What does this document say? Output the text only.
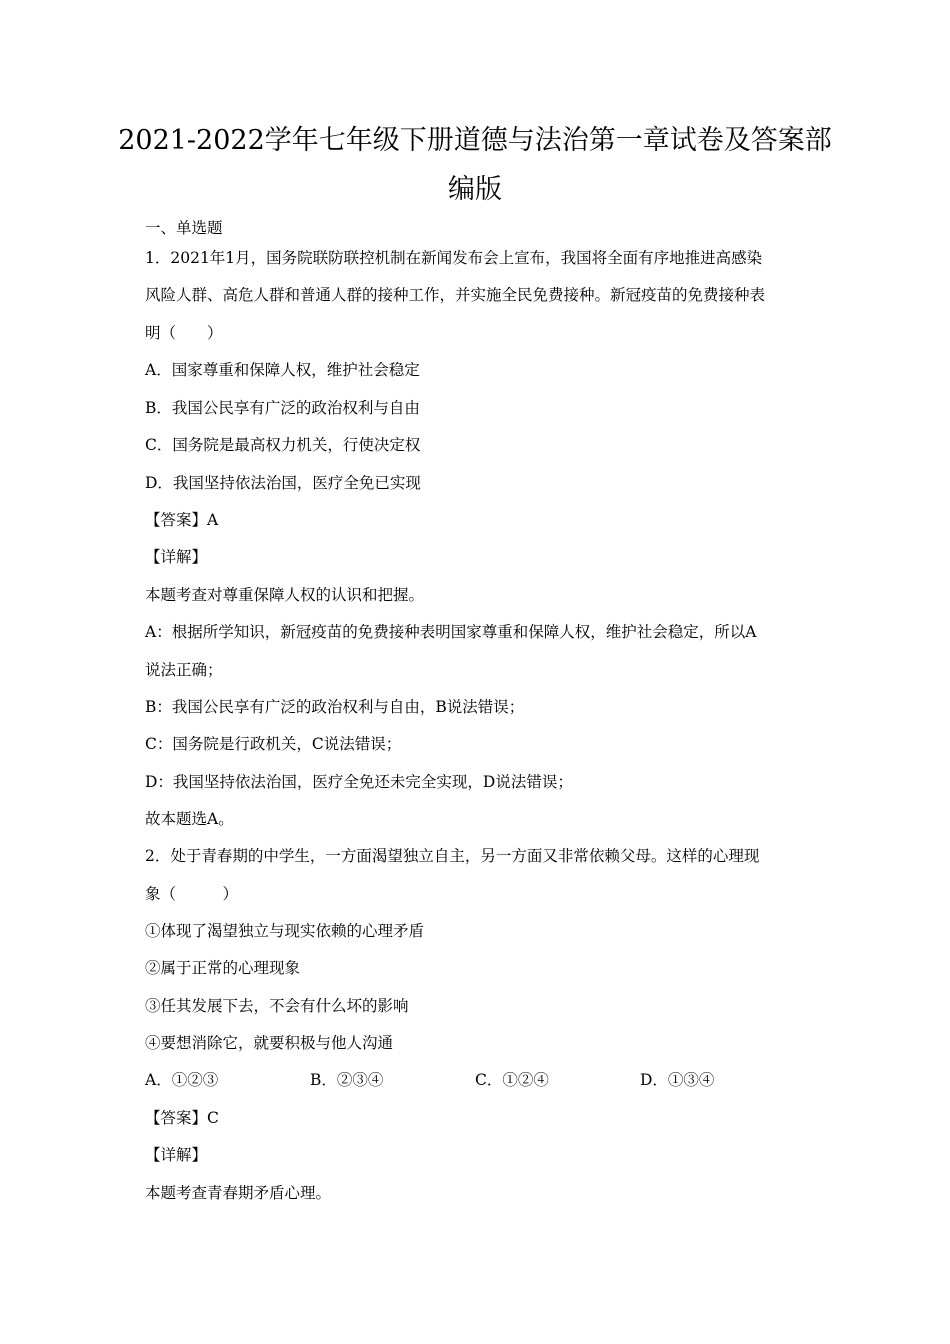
2021-2022学年七年级下册道德与法治第一章试卷及答案部
编版
一、单选题
1．2021年1月，国务院联防联控机制在新闻发布会上宣布，我国将全面有序地推进高感染
风险人群、高危人群和普通人群的接种工作，并实施全民免费接种。新冠疫苗的免费接种表
明（　　）
A．国家尊重和保障人权，维护社会稳定
B．我国公民享有广泛的政治权利与自由
C．国务院是最高权力机关，行使决定权
D．我国坚持依法治国，医疗全免已实现
【答案】A
【详解】
本题考查对尊重保障人权的认识和把握。
A：根据所学知识，新冠疫苗的免费接种表明国家尊重和保障人权，维护社会稳定，所以A
说法正确；
B：我国公民享有广泛的政治权利与自由，B说法错误；
C：国务院是行政机关，C说法错误；
D：我国坚持依法治国，医疗全免还未完全实现，D说法错误；
故本题选A。
2．处于青春期的中学生，一方面渴望独立自主，另一方面又非常依赖父母。这样的心理现
象（　　　）
①体现了渴望独立与现实依赖的心理矛盾
②属于正常的心理现象
③任其发展下去，不会有什么坏的影响
④要想消除它，就要积极与他人沟通
A．①②③	B．②③④	C．①②④	D．①③④
【答案】C
【详解】
本题考查青春期矛盾心理。
